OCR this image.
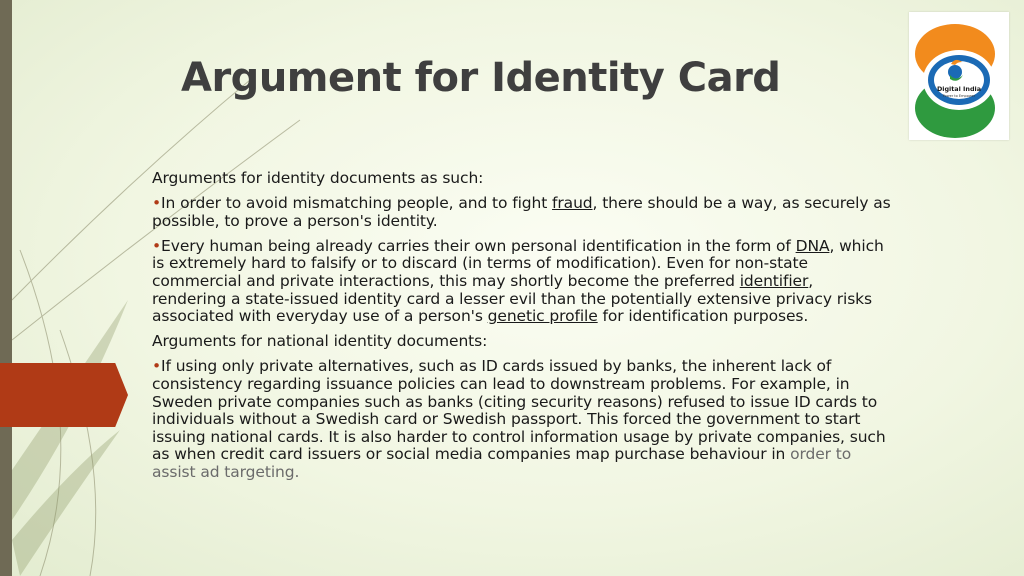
Argument for Identity Card	Digital India
Power to Empower

Arguments for identity documents as such:

•In order to avoid mismatching people, and to fight fraud, there should be a way, as securely as possible, to prove a person's identity.

•Every human being already carries their own personal identification in the form of DNA, which is extremely hard to falsify or to discard (in terms of modification). Even for non-state commercial and private interactions, this may shortly become the preferred identifier, rendering a state-issued identity card a lesser evil than the potentially extensive privacy risks associated with everyday use of a person's genetic profile for identification purposes.

Arguments for national identity documents:

•If using only private alternatives, such as ID cards issued by banks, the inherent lack of consistency regarding issuance policies can lead to downstream problems. For example, in Sweden private companies such as banks (citing security reasons) refused to issue ID cards to individuals without a Swedish card or Swedish passport. This forced the government to start issuing national cards. It is also harder to control information usage by private companies, such as when credit card issuers or social media companies map purchase behaviour in order to assist ad targeting.
